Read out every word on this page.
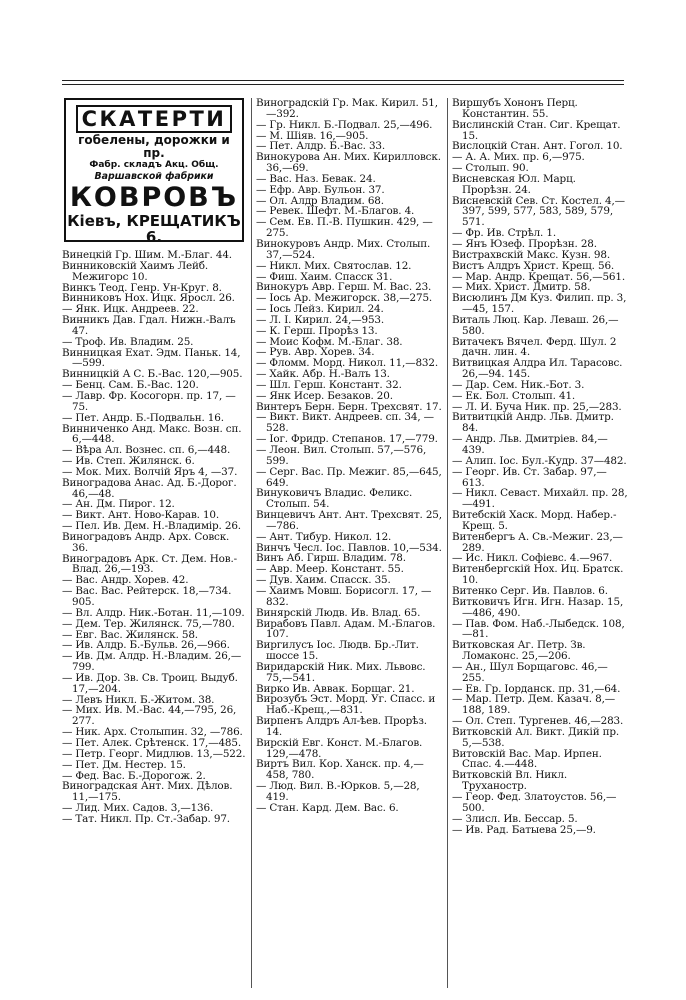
СКАТЕРТИ
гобелены, дорожки и пр.
Фабр. складъ Акц. Общ.
Варшавской фабрики
КОВРОВЪ
Кіевъ, КРЕЩАТИКЪ 6.

Винецкій Гр. Шим. М.-Благ. 44.

Винниковскій Хаимъ Лейб. Межигорс 10.

Винкъ Теод. Генр. Ун-Круг. 8.

Винниковъ Нох. Ицк. Яросл. 26.

— Янк. Ицк. Андреев. 22.

Винникъ Дав. Гдал. Нижн.-Валъ 47.

— Троф. Ив. Владим. 25.

Винницкая Ехат. Эдм. Паньк. 14,—599.

Винницкій А С. Б.-Вас. 120,—905.

— Бенц. Сам. Б.-Вас. 120.

— Лавр. Фр. Косогорн. пр. 17, —75.

— Пет. Андр. Б.-Подвальн. 16.

Винниченко Анд. Макс. Возн. сп. 6,—448.

— Вѣра Ал. Вознес. сп. 6,—448.

— Ив. Степ. Жилянск. 6.

— Мок. Мих. Волчій Яръ 4, —37.

Виноградова Анас. Ад. Б.-Дорог. 46,—48.

— Ан. Дм. Пирог. 12.

— Викт. Ант. Ново-Карав. 10.

— Пел. Ив. Дем. Н.-Владимір. 26.

Виноградовъ Андр. Арх. Совск. 36.

Виноградовъ Арк. Ст. Дем. Нов.-Влад. 26,—193.

— Вас. Андр. Хорев. 42.

— Вас. Вас. Рейтерск. 18,—734. 905.

— Вл. Алдр. Ник.-Ботан. 11,—109.

— Дем. Тер. Жилянск. 75,—780.

— Евг. Вас. Жилянск. 58.

— Ив. Алдр. Б.-Бульв. 26,—966.

— Ив. Дм. Алдр. Н.-Владим. 26,—799.

— Ив. Дор. Зв. Св. Троиц. Выдуб. 17,—204.

— Левъ Никл. Б.-Житом. 38.

— Мих. Ив. М.-Вас. 44,—795, 26, 277.

— Ник. Арх. Столыпин. 32, —786.

— Пет. Алек. Срѣтенск. 17,—485.

— Петр. Георг. Мидлюв. 13,—522.

— Пет. Дм. Нестер. 15.

— Фед. Вас. Б.-Дорогож. 2.

Виноградская Ант. Мих. Дѣлов. 11,—175.

— Лид. Мих. Садов. 3,—136.

— Тат. Никл. Пр. Ст.-Забар. 97.

Виноградскій Гр. Мак. Кирил. 51,—392.

— Гр. Никл. Б.-Подвал. 25,—496.

— М. Шіяв. 16,—905.

— Пет. Алдр. Б.-Вас. 33.

Винокурова Ан. Мих. Кирилловск. 36,—69.

— Вас. Наз. Бевак. 24.

— Ефр. Авр. Бульон. 37.

— Ол. Алдр Владим. 68.

— Ревек. Шефт. М.-Благов. 4.

— Сем. Ев. П.-В. Пушкин. 429, —275.

Винокуровъ Андр. Мих. Столып. 37,—524.

— Никл. Мих. Святослав. 12.

— Фиш. Хаим. Спасск 31.

Винокуръ Авр. Герш. М. Вас. 23.

— Іось Ар. Межигорск. 38,—275.

— Іось Лейз. Кирил. 24.

— Л. І. Кирил. 24,—953.

— К. Герш. Прорѣз 13.

— Моис Кофм. М.-Благ. 38.

— Рув. Авр. Хорев. 34.

— Фломм. Морд. Никол. 11,—832.

— Хайк. Абр. Н.-Валъ 13.

— Шл. Герш. Констант. 32.

— Янк Исер. Безаков. 20.

Винтеръ Берн. Берн. Трехсвят. 17.

— Викт. Викт. Андреев. сп. 34, —528.

— Іог. Фридр. Степанов. 17,—779.

— Леон. Вил. Столып. 57,—576, 599.

— Серг. Вас. Пр. Межиг. 85,—645, 649.

Винуковичъ Владис. Феликс. Столып. 54.

Винцевичъ Ант. Ант. Трехсвят. 25,—786.

— Ант. Тибур. Никол. 12.

Винчъ Чесл. Іос. Павлов. 10,—534.

Винъ Аб. Гирш. Владим. 78.

— Авр. Меер. Констант. 55.

— Дув. Хаим. Спасск. 35.

— Хаимъ Мовш. Борисогл. 17, —832.

Винярскій Людв. Ив. Влад. 65.

Вирабовъ Павл. Адам. М.-Благов. 107.

Виргилусъ Іос. Людв. Бр.-Лит. шоссе 15.

Виридарскій Ник. Мих. Львовс. 75,—541.

Вирко Ив. Аввак. Борщаг. 21.

Вирозубъ Эст. Морд. Уг. Спасс. и Наб.-Крещ.,—831.

Вирпенъ Алдръ Ал-ѣев. Прорѣз. 14.

Вирскій Евг. Конст. М.-Благов. 129,—478.

Виртъ Вил. Кор. Ханск. пр. 4,—458, 780.

— Люд. Вил. В.-Юрков. 5,—28, 419.

— Стан. Кард. Дем. Вас. 6.

Виршубъ Хононъ Перц. Константин. 55.

Вислинскій Стан. Сиг. Крещат. 15.

Вислоцкій Стан. Ант. Гогол. 10.

— А. А. Мих. пр. 6,—975.

— Столып. 90.

Висневская Юл. Марц. Прорѣзн. 24.

Висневскій Сев. Ст. Костел. 4,—397, 599, 577, 583, 589, 579, 571.

— Фр. Ив. Стрѣл. 1.

— Янъ Юзеф. Прорѣзн. 28.

Вистрахвскій Макс. Кузн. 98.

Вистъ Алдръ Христ. Крещ. 56.

— Мар. Андр. Крещат. 56,—561.

— Мих. Христ. Дмитр. 58.

Висюлинъ Дм Куз. Филип. пр. 3,—45, 157.

Виталь Люц. Кар. Леваш. 26,—580.

Витачекъ Вячел. Ферд. Шул. 2 дачн. лин. 4.

Витвицкая Алдра Ил. Тарасовс. 26,—94. 145.

— Дар. Сем. Ник.-Бот. 3.

— Ек. Бол. Столып. 41.

— Л. И. Буча Ник. пр. 25,—283.

Витвитцкій Андр. Льв. Дмитр. 84.

— Андр. Льв. Дмитріев. 84,—439.

— Алип. Іос. Бул.-Кудр. 37—482.

— Георг. Ив. Ст. Забар. 97,—613.

— Никл. Севаст. Михайл. пр. 28,—491.

Витебскій Хаск. Морд. Набер.-Крещ. 5.

Витенбергъ А. Св.-Межиг. 23,—289.

— Ис. Никл. Софіевс. 4.—967.

Витенбергскій Нох. Иц. Братск. 10.

Витенко Серг. Ив. Павлов. 6.

Витковичъ Игн. Игн. Назар. 15, —486, 490.

— Пав. Фом. Наб.-Лыбедск. 108, —81.

Витковская Аг. Петр. Зв. Ломаконс. 25,—206.

— Ан., Шул Борщаговс. 46,—255.

— Ев. Гр. Іорданск. пр. 31,—64.

— Мар. Петр. Дем. Казач. 8,—188, 189.

— Ол. Степ. Тургенев. 46,—283.

Витковскій Ал. Викт. Дикій пр. 5,—538.

Витовскій Вас. Мар. Ирпен. Спас. 4.—448.

Витковскій Вл. Никл. Труханостр.

— Геор. Фед. Златоустов. 56,—500.

— Злисл. Ив. Бессар. 5.

— Ив. Рад. Батыева 25,—9.
